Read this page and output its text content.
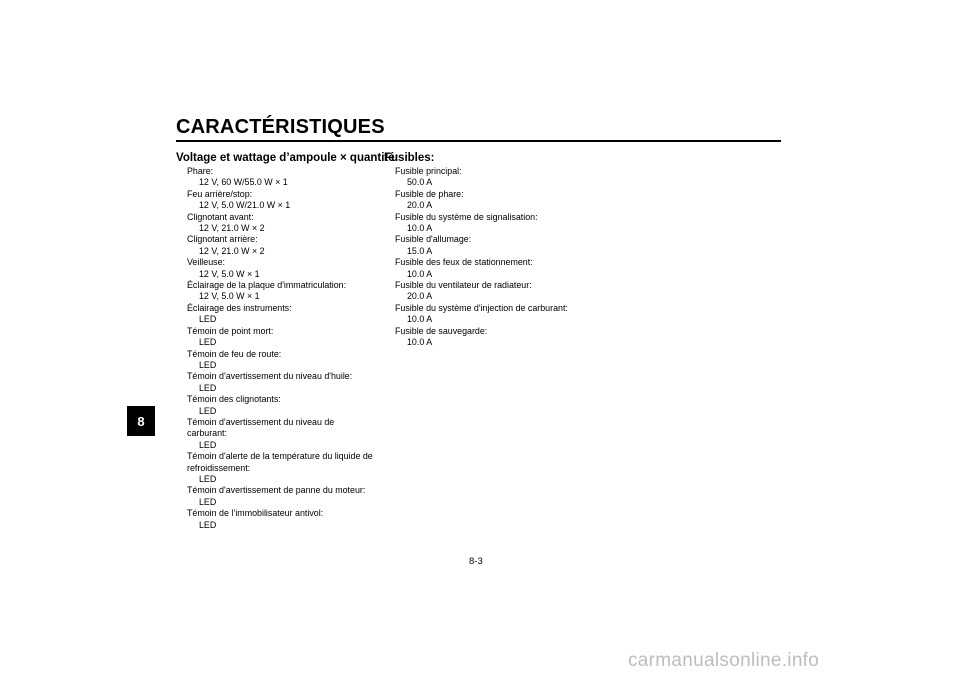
CARACTÉRISTIQUES
8
Voltage et wattage d’ampoule × quantité:
Phare:
12 V, 60 W/55.0 W × 1
Feu arrière/stop:
12 V, 5.0 W/21.0 W × 1
Clignotant avant:
12 V, 21.0 W × 2
Clignotant arrière:
12 V, 21.0 W × 2
Veilleuse:
12 V, 5.0 W × 1
Éclairage de la plaque d'immatriculation:
12 V, 5.0 W × 1
Éclairage des instruments:
LED
Témoin de point mort:
LED
Témoin de feu de route:
LED
Témoin d'avertissement du niveau d'huile:
LED
Témoin des clignotants:
LED
Témoin d'avertissement du niveau de carburant:
LED
Témoin d'alerte de la température du liquide de refroidissement:
LED
Témoin d'avertissement de panne du moteur:
LED
Témoin de l’immobilisateur antivol:
LED
Fusibles:
Fusible principal:
50.0 A
Fusible de phare:
20.0 A
Fusible du système de signalisation:
10.0 A
Fusible d'allumage:
15.0 A
Fusible des feux de stationnement:
10.0 A
Fusible du ventilateur de radiateur:
20.0 A
Fusible du système d'injection de carburant:
10.0 A
Fusible de sauvegarde:
10.0 A
8-3
carmanualsonline.info
